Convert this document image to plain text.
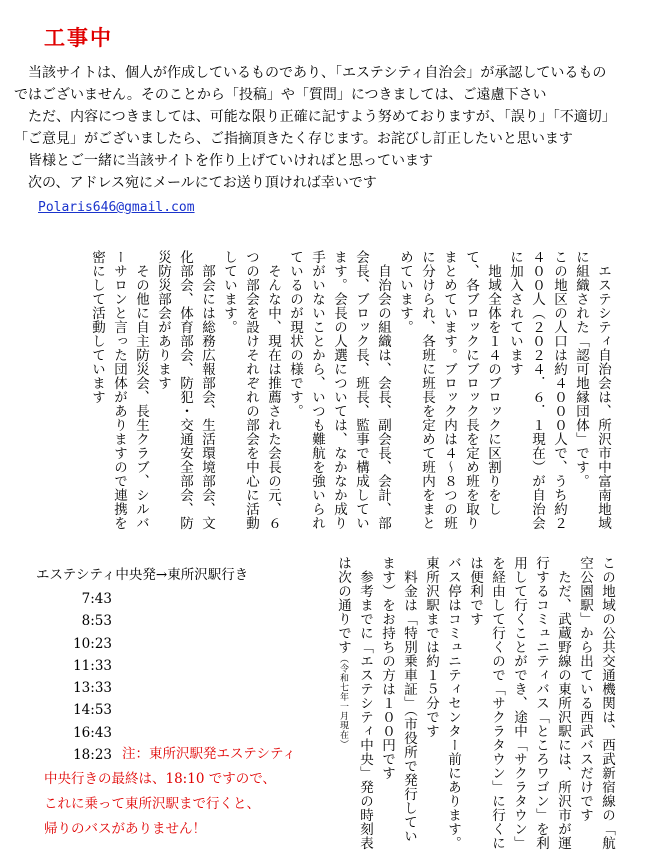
工事中

　当該サイトは、個人が作成しているものであり、「エステシティ自治会」が承認しているもの

ではございません。そのことから「投稿」や「質問」につきましては、ご遠慮下さい

　ただ、内容につきましては、可能な限り正確に記すよう努めておりますが、「誤り」「不適切」

「ご意見」がございましたら、ご指摘頂きたく存じます。お詫びし訂正したいと思います

　皆様とご一緒に当該サイトを作り上げていければと思っています

　次の、アドレス宛にメールにてお送り頂ければ幸いです

Polaris646@gmail.com

　エステシティ自治会は、所沢市中富南地域に組織された「認可地縁団体」です。

この地区の人口は約４０００人で、うち約２４００人（２０２４．６．１現在）が自治会に加入されています

　地域全体を１４のブロックに区割りをして、各ブロックにブロック長を定め班を取りまとめています。ブロック内は４～８つの班に分けられ、各班に班長を定めて班内をまとめています。

　自治会の組織は、会長、副会長、会計、部会長、ブロック長、班長、監事で構成しています。会長の人選については、なかなか成り手がいないことから、いつも難航を強いられているのが現状の様です。

　そんな中、現在は推薦された会長の元、６つの部会を設けそれぞれの部会を中心に活動しています。

　部会には総務広報部会、生活環境部会、文化部会、体育部会、防犯・交通安全部会、防災防災部会があります

　その他に自主防災会、長生クラブ、シルバーサロンと言った団体がありますので連携を密にして活動しています

この地域の公共交通機関は、西武新宿線の「航空公園駅」から出ている西武バスだけです

　ただ、武蔵野線の東所沢駅には、所沢市が運行するコミュニティバス「ところワゴン」を利用して行くことができ、途中「サクラタウン」を経由して行くので「サクラタウン」に行くには便利です

バス停はコミュニティセンター前にあります。東所沢駅までは約１５分です

　料金は「特別乗車証」（市役所で発行しています）をお持ちの方は１００円です

　参考までに「エステシティ中央」発の時刻表は次の通りです（令和七年一月現在）

エステシティ中央発→東所沢駅行き
7:43
8:53
10:23
11:33
13:33
14:53
16:43
18:23 注：東所沢駅発エステシティ
中央行きの最終は、18:10 ですので、
これに乗って東所沢駅まで行くと、
帰りのバスがありません！
